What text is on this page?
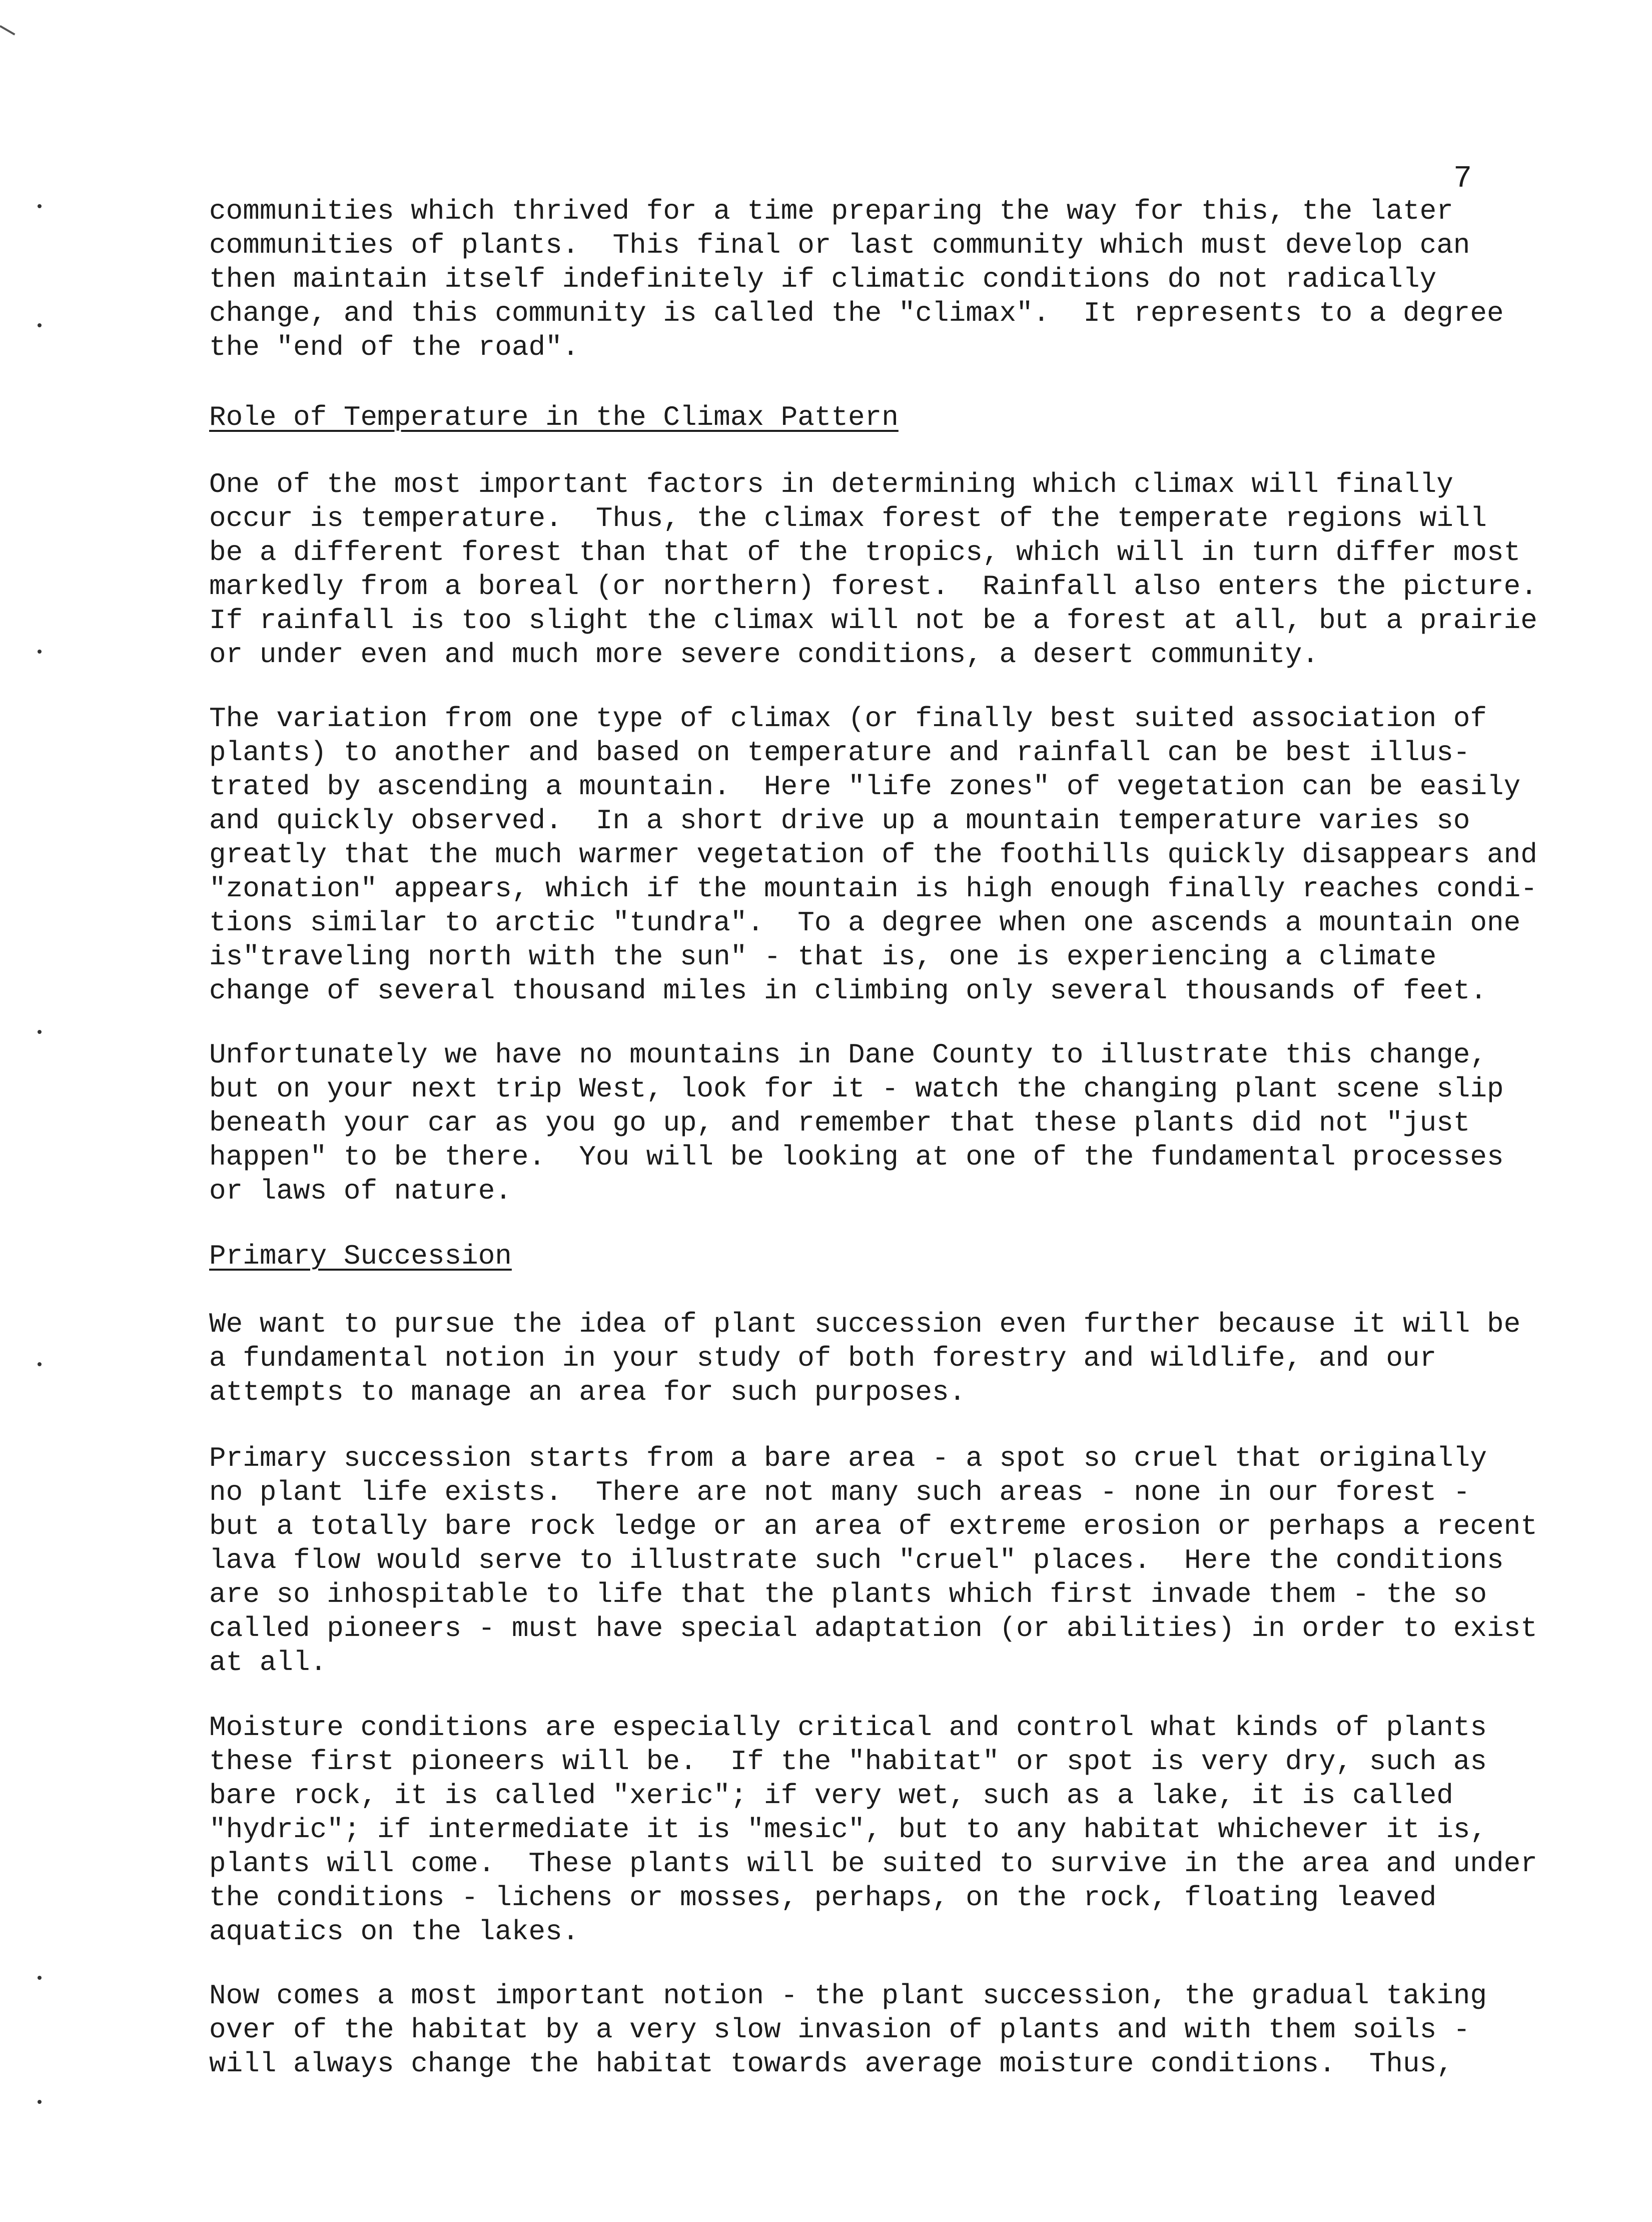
7
communities which thrived for a time preparing the way for this, the later
communities of plants.  This final or last community which must develop can
then maintain itself indefinitely if climatic conditions do not radically
change, and this community is called the "climax".  It represents to a degree
the "end of the road".
Role of Temperature in the Climax Pattern
One of the most important factors in determining which climax will finally
occur is temperature.  Thus, the climax forest of the temperate regions will
be a different forest than that of the tropics, which will in turn differ most
markedly from a boreal (or northern) forest.  Rainfall also enters the picture.
If rainfall is too slight the climax will not be a forest at all, but a prairie
or under even and much more severe conditions, a desert community.
The variation from one type of climax (or finally best suited association of
plants) to another and based on temperature and rainfall can be best illus-
trated by ascending a mountain.  Here "life zones" of vegetation can be easily
and quickly observed.  In a short drive up a mountain temperature varies so
greatly that the much warmer vegetation of the foothills quickly disappears and
"zonation" appears, which if the mountain is high enough finally reaches condi-
tions similar to arctic "tundra".  To a degree when one ascends a mountain one
is"traveling north with the sun" - that is, one is experiencing a climate
change of several thousand miles in climbing only several thousands of feet.
Unfortunately we have no mountains in Dane County to illustrate this change,
but on your next trip West, look for it - watch the changing plant scene slip
beneath your car as you go up, and remember that these plants did not "just
happen" to be there.  You will be looking at one of the fundamental processes
or laws of nature.
Primary Succession
We want to pursue the idea of plant succession even further because it will be
a fundamental notion in your study of both forestry and wildlife, and our
attempts to manage an area for such purposes.
Primary succession starts from a bare area - a spot so cruel that originally
no plant life exists.  There are not many such areas - none in our forest -
but a totally bare rock ledge or an area of extreme erosion or perhaps a recent
lava flow would serve to illustrate such "cruel" places.  Here the conditions
are so inhospitable to life that the plants which first invade them - the so
called pioneers - must have special adaptation (or abilities) in order to exist
at all.
Moisture conditions are especially critical and control what kinds of plants
these first pioneers will be.  If the "habitat" or spot is very dry, such as
bare rock, it is called "xeric"; if very wet, such as a lake, it is called
"hydric"; if intermediate it is "mesic", but to any habitat whichever it is,
plants will come.  These plants will be suited to survive in the area and under
the conditions - lichens or mosses, perhaps, on the rock, floating leaved
aquatics on the lakes.
Now comes a most important notion - the plant succession, the gradual taking
over of the habitat by a very slow invasion of plants and with them soils -
will always change the habitat towards average moisture conditions.  Thus,
